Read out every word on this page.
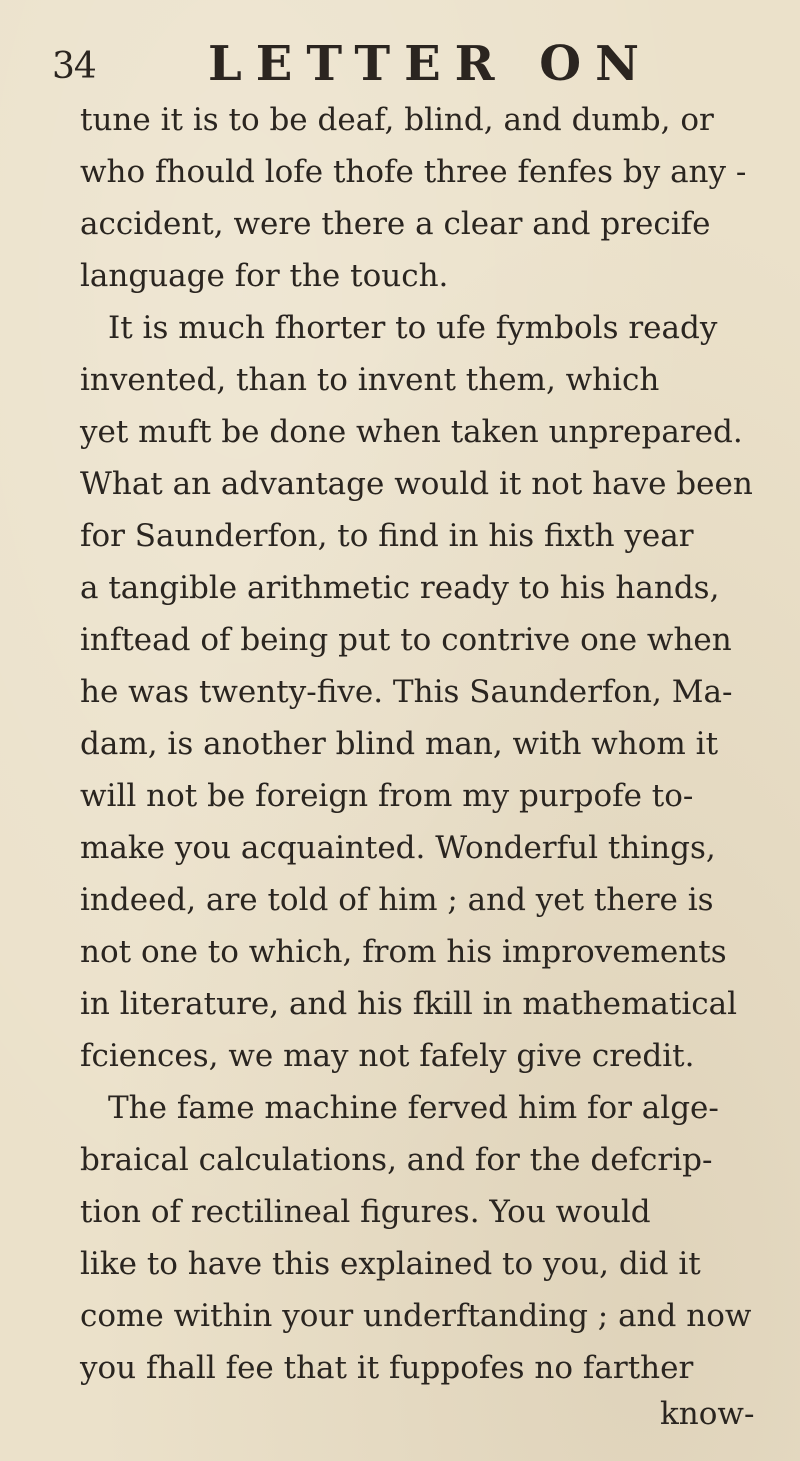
34 LETTER ON
tune it is to be deaf, blind, and dumb, or
who fhould lofe thofe three fenfes by any -
accident, were there a clear and precife
language for the touch.
It is much fhorter to ufe fymbols ready
invented, than to invent them, which
yet muft be done when taken unprepared.
What an advantage would it not have been
for Saunderfon, to find in his fixth year
a tangible arithmetic ready to his hands,
inftead of being put to contrive one when
he was twenty-five. This Saunderfon, Ma-
dam, is another blind man, with whom it
will not be foreign from my purpofe to-
make you acquainted. Wonderful things,
indeed, are told of him ; and yet there is
not one to which, from his improvements
in literature, and his fkill in mathematical
fciences, we may not fafely give credit.
The fame machine ferved him for alge-
braical calculations, and for the defcrip-
tion of rectilineal figures. You would
like to have this explained to you, did it
come within your underftanding ; and now
you fhall fee that it fuppofes no farther
know-
